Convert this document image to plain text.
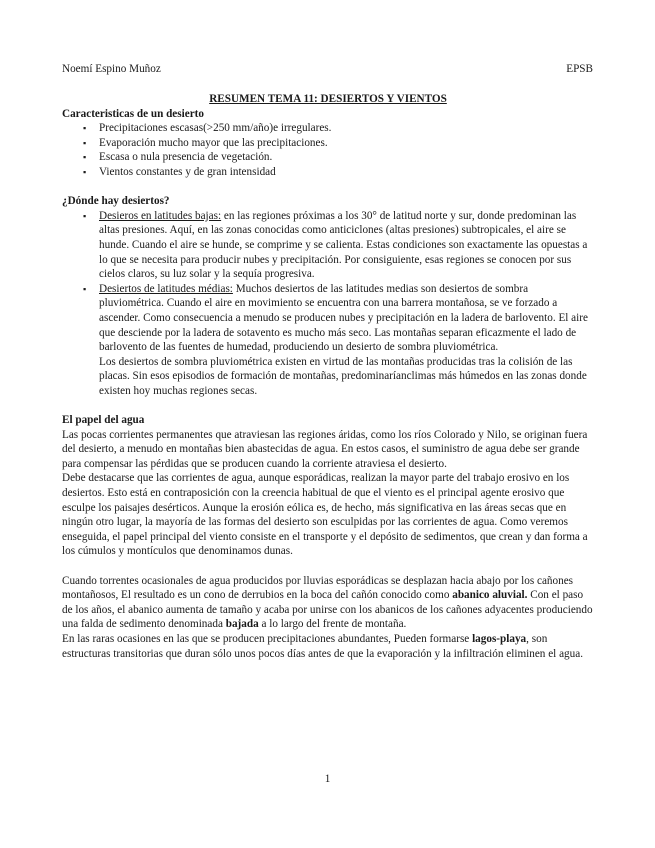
Noemí Espino Muñoz	EPSB

RESUMEN TEMA 11: DESIERTOS Y VIENTOS

Caracteristicas de un desierto

▪ Precipitaciones escasas(>250 mm/año)e irregulares.
▪ Evaporación mucho mayor que las precipitaciones.
▪ Escasa o nula presencia de vegetación.
▪ Vientos constantes y de gran intensidad

¿Dónde hay desiertos?

▪ Desieros en latitudes bajas: en las regiones próximas a los 30° de latitud norte y sur, donde predominan las altas presiones. Aquí, en las zonas conocidas como anticiclones (altas presiones) subtropicales, el aire se hunde. Cuando el aire se hunde, se comprime y se calienta. Estas condiciones son exactamente las opuestas a lo que se necesita para producir nubes y precipitación. Por consiguiente, esas regiones se conocen por sus cielos claros, su luz solar y la sequía progresiva.
▪ Desiertos de latitudes médias: Muchos desiertos de las latitudes medias son desiertos de sombra pluviométrica. Cuando el aire en movimiento se encuentra con una barrera montañosa, se ve forzado a ascender. Como consecuencia a menudo se producen nubes y precipitación en la ladera de barlovento. El aire que desciende por la ladera de sotavento es mucho más seco. Las montañas separan eficazmente el lado de barlovento de las fuentes de humedad, produciendo un desierto de sombra pluviométrica.
Los desiertos de sombra pluviométrica existen en virtud de las montañas producidas tras la colisión de las placas. Sin esos episodios de formación de montañas, predominaríanclimas más húmedos en las zonas donde existen hoy muchas regiones secas.

El papel del agua

Las pocas corrientes permanentes que atraviesan las regiones áridas, como los ríos Colorado y Nilo, se originan fuera del desierto, a menudo en montañas bien abastecidas de agua. En estos casos, el suministro de agua debe ser grande para compensar las pérdidas que se producen cuando la corriente atraviesa el desierto.

Debe destacarse que las corrientes de agua, aunque esporádicas, realizan la mayor parte del trabajo erosivo en los desiertos. Esto está en contraposición con la creencia habitual de que el viento es el principal agente erosivo que esculpe los paisajes desérticos. Aunque la erosión eólica es, de hecho, más significativa en las áreas secas que en ningún otro lugar, la mayoría de las formas del desierto son esculpidas por las corrientes de agua. Como veremos enseguida, el papel principal del viento consiste en el transporte y el depósito de sedimentos, que crean y dan forma a los cúmulos y montículos que denominamos dunas.

Cuando torrentes ocasionales de agua producidos por lluvias esporádicas se desplazan hacia abajo por los cañones montañosos, El resultado es un cono de derrubios en la boca del cañón conocido como abanico aluvial. Con el paso de los años, el abanico aumenta de tamaño y acaba por unirse con los abanicos de los cañones adyacentes produciendo una falda de sedimento denominada bajada a lo largo del frente de montaña.

En las raras ocasiones en las que se producen precipitaciones abundantes, Pueden formarse lagos-playa, son estructuras transitorias que duran sólo unos pocos días antes de que la evaporación y la infiltración eliminen el agua.

1
